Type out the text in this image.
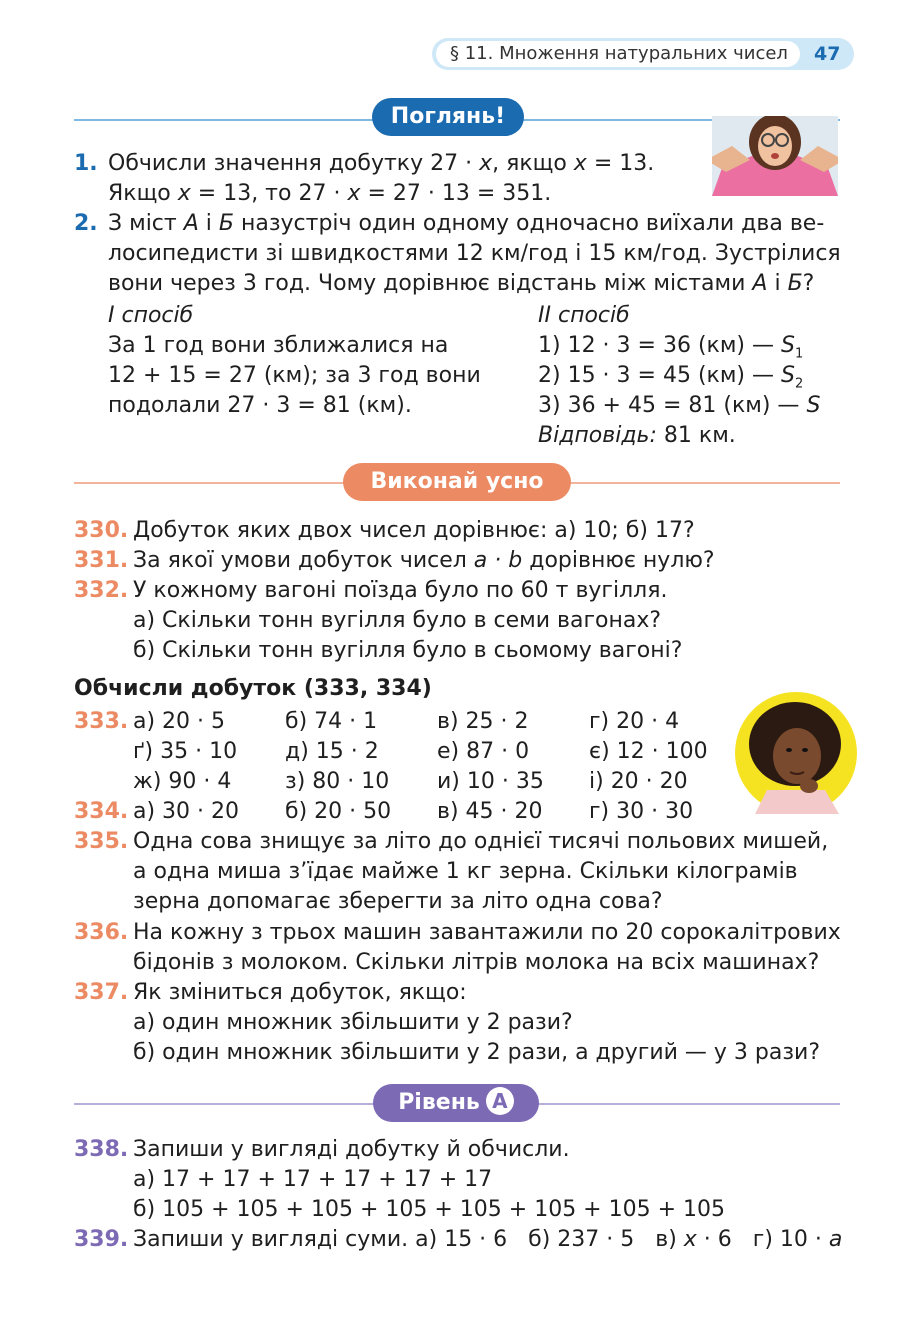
§ 11. Множення натуральних чисел 47
Поглянь!
1. Обчисли значення добутку 27 · x, якщо x = 13.
Якщо x = 13, то 27 · x = 27 · 13 = 351.
2. З міст А і Б назустріч один одному одночасно виїхали два ве-
лосипедисти зі швидкостями 12 км/год і 15 км/год. Зустрілися
вони через 3 год. Чому дорівнює відстань між містами А і Б?
І спосіб
За 1 год вони зближалися на
12 + 15 = 27 (км); за 3 год вони
подолали 27 · 3 = 81 (км).
ІІ спосіб
1) 12 · 3 = 36 (км) — $S_1$
2) 15 · 3 = 45 (км) — $S_2$
3) 36 + 45 = 81 (км) — S
Відповідь: 81 км.
Виконай усно
330. Добуток яких двох чисел дорівнює: а) 10; б) 17?
331. За якої умови добуток чисел a · b дорівнює нулю?
332. У кожному вагоні поїзда було по 60 т вугілля.
а) Скільки тонн вугілля було в семи вагонах?
б) Скільки тонн вугілля було в сьомому вагоні?
Обчисли добуток (333, 334)
333. а) 20 · 5	б) 74 · 1	в) 25 · 2	г) 20 · 4
ґ) 35 · 10 д) 15 · 2	е) 87 · 0	є) 12 · 100
ж) 90 · 4 з) 80 · 10 и) 10 · 35 і) 20 · 20
334. а) 30 · 20 б) 20 · 50 в) 45 · 20 г) 30 · 30
335. Одна сова знищує за літо до однієї тисячі польових мишей,
а одна миша з’їдає майже 1 кг зерна. Скільки кілограмів
зерна допомагає зберегти за літо одна сова?
336. На кожну з трьох машин завантажили по 20 сорокалітрових
бідонів з молоком. Скільки літрів молока на всіх машинах?
337. Як зміниться добуток, якщо:
а) один множник збільшити у 2 рази?
б) один множник збільшити у 2 рази, а другий — у 3 рази?
Рівень A
338. Запиши у вигляді добутку й обчисли.
а) 17 + 17 + 17 + 17 + 17 + 17
б) 105 + 105 + 105 + 105 + 105 + 105 + 105 + 105
339. Запиши у вигляді суми. а) 15 · 6   б) 237 · 5   в) x · 6   г) 10 · a
